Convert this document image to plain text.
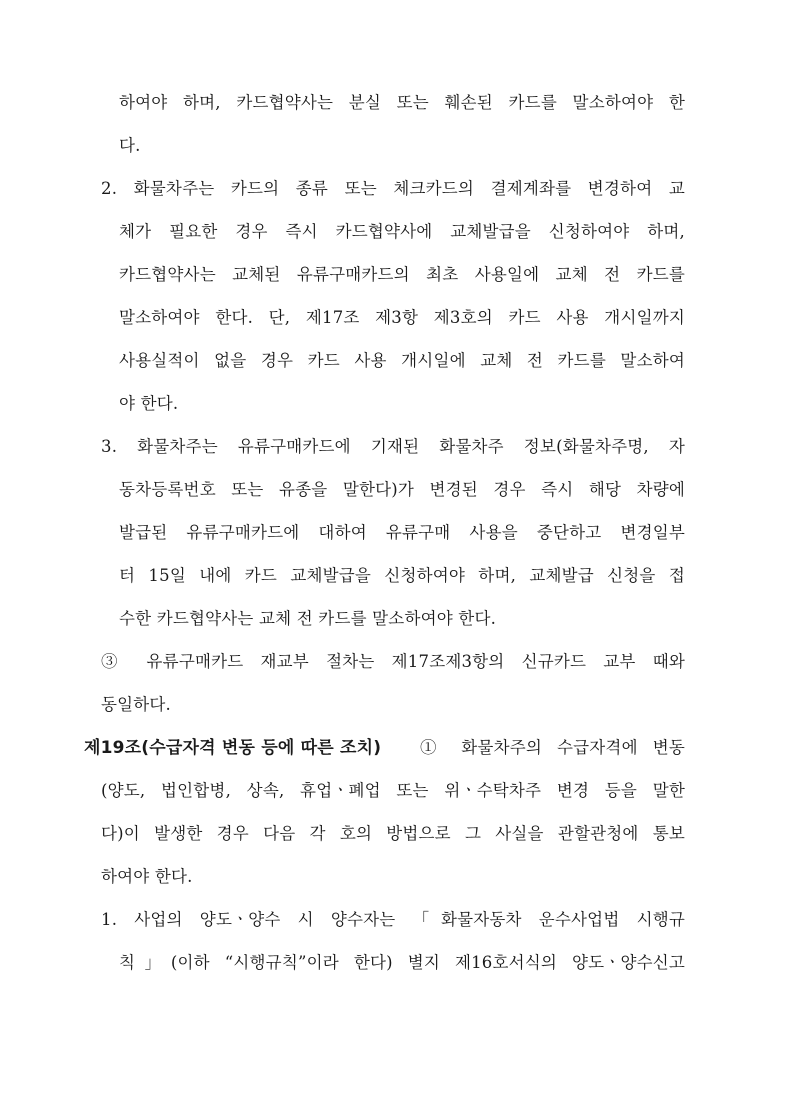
하여야 하며, 카드협약사는 분실 또는 훼손된 카드를 말소하여야 한
다.
2. 화물차주는 카드의 종류 또는 체크카드의 결제계좌를 변경하여 교
체가 필요한 경우 즉시 카드협약사에 교체발급을 신청하여야 하며,
카드협약사는 교체된 유류구매카드의 최초 사용일에 교체 전 카드를
말소하여야 한다. 단, 제17조 제3항 제3호의 카드 사용 개시일까지
사용실적이 없을 경우 카드 사용 개시일에 교체 전 카드를 말소하여
야 한다.
3. 화물차주는 유류구매카드에 기재된 화물차주 정보(화물차주명, 자
동차등록번호 또는 유종을 말한다)가 변경된 경우 즉시 해당 차량에
발급된 유류구매카드에 대하여 유류구매 사용을 중단하고 변경일부
터 15일 내에 카드 교체발급을 신청하여야 하며, 교체발급 신청을 접
수한 카드협약사는 교체 전 카드를 말소하여야 한다.
③ 유류구매카드 재교부 절차는 제17조제3항의 신규카드 교부 때와
동일하다.
제19조(수급자격 변동 등에 따른 조치) ① 화물차주의 수급자격에 변동
(양도, 법인합병, 상속, 휴업ㆍ폐업 또는 위ㆍ수탁차주 변경 등을 말한
다)이 발생한 경우 다음 각 호의 방법으로 그 사실을 관할관청에 통보
하여야 한다.
1. 사업의 양도ㆍ양수 시 양수자는 「화물자동차 운수사업법 시행규
칙」(이하 “시행규칙”이라 한다) 별지 제16호서식의 양도ㆍ양수신고
